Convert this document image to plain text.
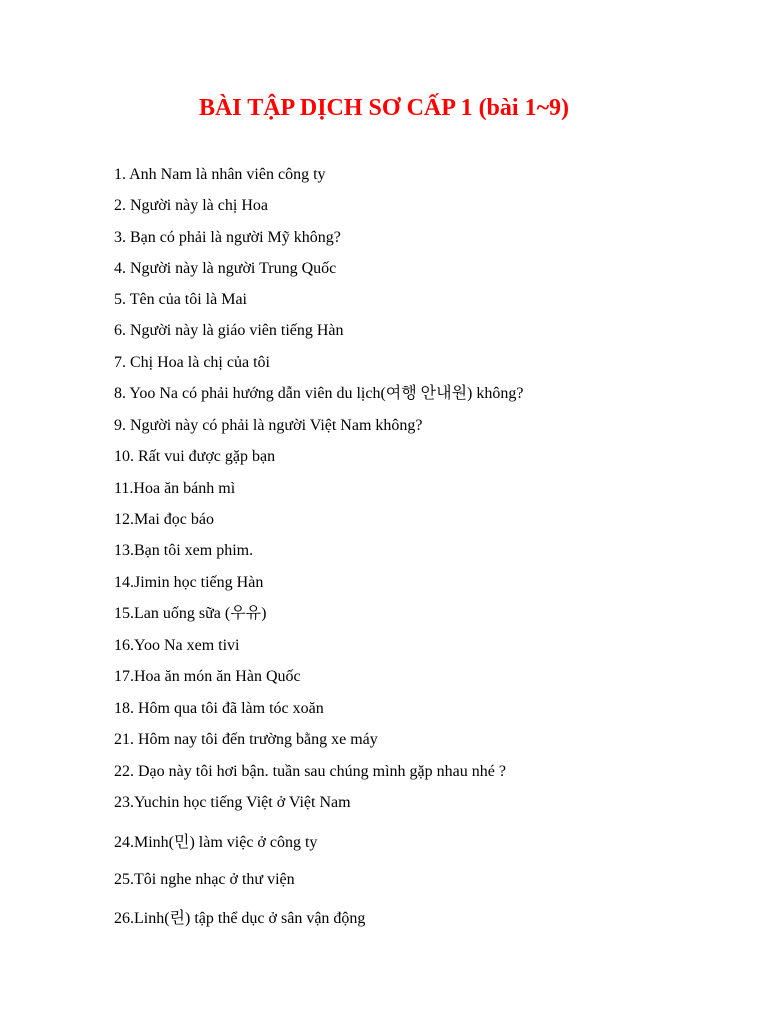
BÀI TẬP DỊCH SƠ CẤP 1 (bài 1~9)
1. Anh Nam là nhân viên công ty
2. Người này là chị Hoa
3. Bạn có phải là người Mỹ không?
4. Người này là người Trung Quốc
5. Tên của tôi là Mai
6. Người này là giáo viên tiếng Hàn
7. Chị Hoa là chị của tôi
8. Yoo Na có phải hướng dẫn viên du lịch(여행 안내원) không?
9. Người này có phải là người Việt Nam không?
10. Rất vui được gặp bạn
11.Hoa ăn bánh mì
12.Mai đọc báo
13.Bạn tôi xem phim.
14.Jimin học tiếng Hàn
15.Lan uống sữa (우유)
16.Yoo Na xem tivi
17.Hoa ăn món ăn Hàn Quốc
18. Hôm qua tôi đã làm tóc xoăn
21. Hôm nay tôi đến trường bằng xe máy
22. Dạo này tôi hơi bận. tuần sau chúng mình gặp nhau nhé ?
23.Yuchin học tiếng Việt ở Việt Nam
24.Minh(민) làm việc ở công ty
25.Tôi nghe nhạc ở thư viện
26.Linh(린) tập thể dục ở sân vận động
